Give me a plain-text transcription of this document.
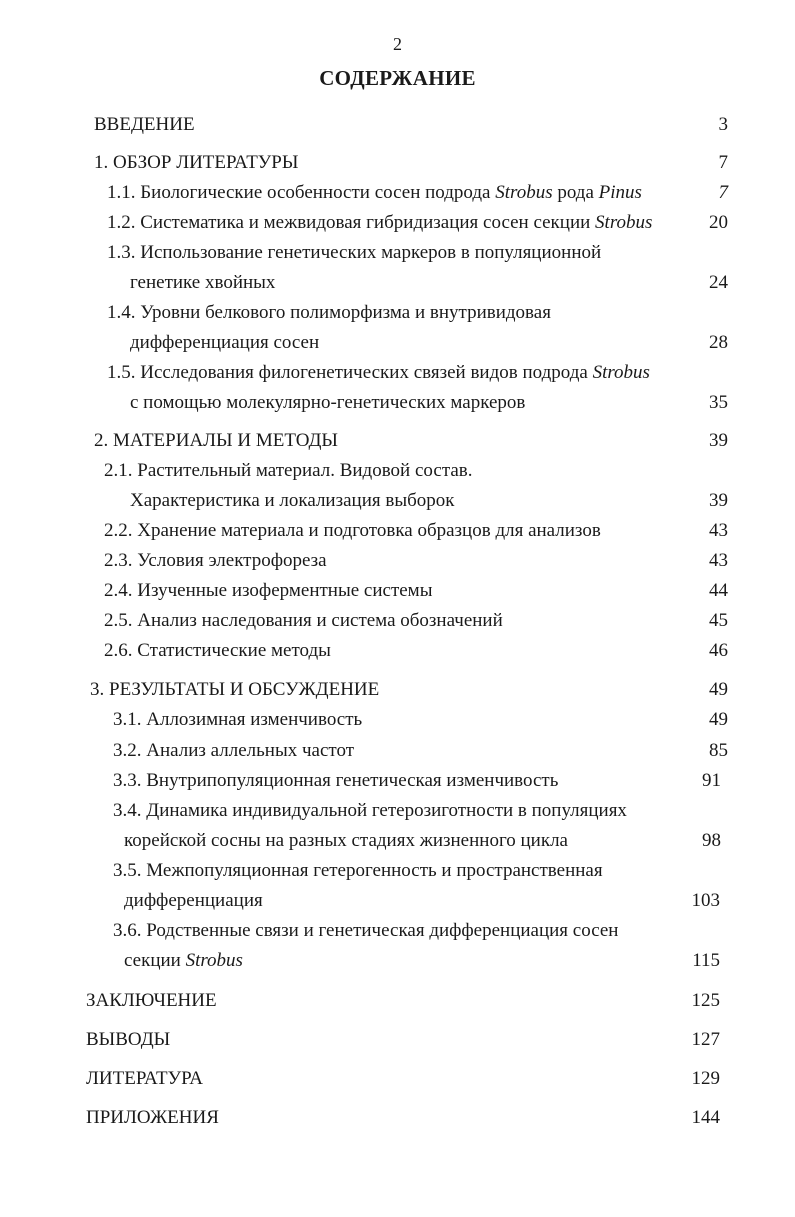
2
СОДЕРЖАНИЕ
ВВЕДЕНИЕ	3
1. ОБЗОР ЛИТЕРАТУРЫ	7
1.1. Биологические особенности сосен подрода Strobus рода Pinus	7
1.2. Систематика и межвидовая гибридизация сосен секции Strobus	20
1.3. Использование генетических маркеров в популяционной
генетике хвойных	24
1.4. Уровни белкового полиморфизма и внутривидовая
дифференциация сосен	28
1.5. Исследования филогенетических связей видов подрода Strobus
с помощью молекулярно-генетических маркеров	35
2. МАТЕРИАЛЫ И МЕТОДЫ	39
2.1. Растительный материал. Видовой состав.
Характеристика и локализация выборок	39
2.2. Хранение материала и подготовка образцов для анализов	43
2.3. Условия электрофореза	43
2.4. Изученные изоферментные системы	44
2.5. Анализ наследования и система обозначений	45
2.6. Статистические методы	46
3. РЕЗУЛЬТАТЫ И ОБСУЖДЕНИЕ	49
3.1. Аллозимная изменчивость	49
3.2. Анализ аллельных частот	85
3.3. Внутрипопуляционная генетическая изменчивость	91
3.4. Динамика индивидуальной гетерозиготности в популяциях
корейской сосны на разных стадиях жизненного цикла	98
3.5. Межпопуляционная гетерогенность и пространственная
дифференциация	103
3.6. Родственные связи и генетическая дифференциация сосен
секции Strobus	115
ЗАКЛЮЧЕНИЕ	125
ВЫВОДЫ	127
ЛИТЕРАТУРА	129
ПРИЛОЖЕНИЯ	144
